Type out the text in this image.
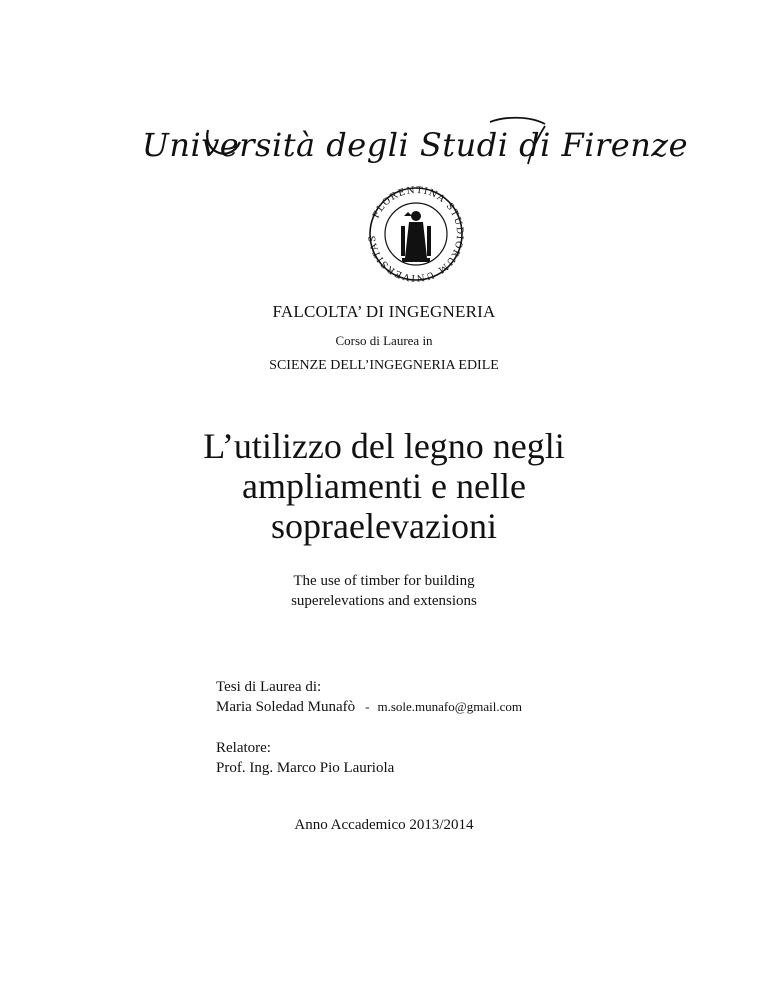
Università degli Studi di Firenze
FLORENTINA STUDIORUM UNIVERSITAS
FALCOLTA’ DI INGEGNERIA
Corso di Laurea in
SCIENZE DELL’INGEGNERIA EDILE
L’utilizzo del legno negli
ampliamenti e nelle
sopraelevazioni
The use of timber for building
superelevations and extensions
Tesi di Laurea di:
Maria Soledad Munafò - m.sole.munafo@gmail.com
Relatore:
Prof. Ing. Marco Pio Lauriola
Anno Accademico 2013/2014
